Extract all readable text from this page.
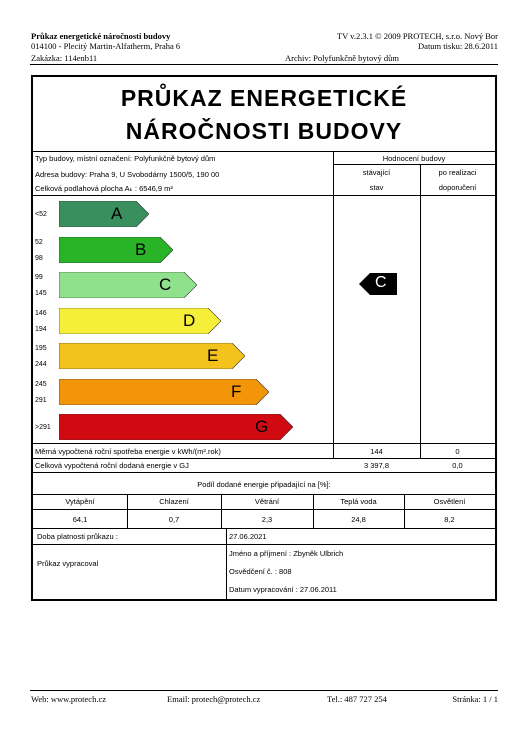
Průkaz energetické náročnosti budovy
014100 - Plecitý Martin-Alfatherm, Praha 6
Zakázka: 114enb11
TV v.2.3.1 © 2009 PROTECH, s.r.o. Nový Bor
Datum tisku: 28.6.2011
Archiv: Polyfunkčně bytový dům
PRŮKAZ ENERGETICKÉ
NÁROČNOSTI BUDOVY
Typ budovy, místní označení: Polyfunkčně bytový dům
Adresa budovy: Praha 9, U Svobodárny 1500/5, 190 00
Celková podlahová plocha Aₖ : 6546,9 m²
Hodnocení budovy
stávající
stav
po realizaci
doporučení
<52	A
52
98	B
99
145	C
146
194	D
195
244	E
245
291	F
>291	G
C
Měrná vypočtená roční spotřeba energie v kWh/(m².rok)	144	0
Celková vypočtená roční dodaná energie v GJ	3 397,8	0,0
Podíl dodané energie připadající na [%]:
Vytápění	Chlazení	Větrání	Teplá voda	Osvětlení
64,1	0,7	2,3	24,8	8,2
Doba platnosti průkazu :	27.06.2021
Průkaz vypracoval
Jméno a příjmení : Zbyněk Ulbrich
Osvědčení č. : 808
Datum vypracování : 27.06.2011
Web: www.protech.cz	Email: protech@protech.cz	Tel.: 487 727 254	Stránka: 1 / 1
